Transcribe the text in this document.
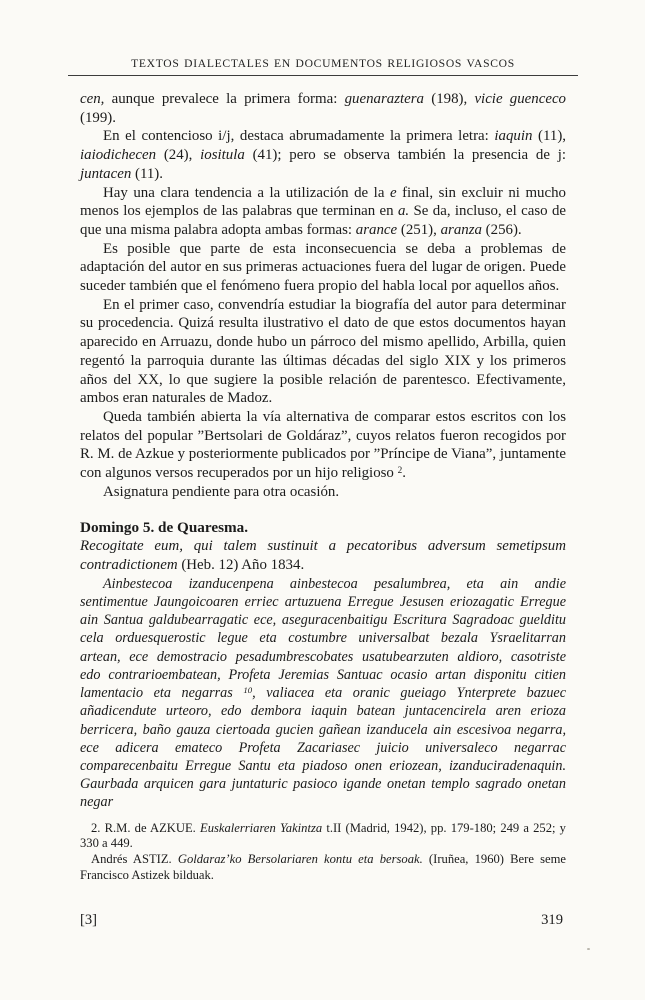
TEXTOS DIALECTALES EN DOCUMENTOS RELIGIOSOS VASCOS

cen, aunque prevalece la primera forma: guenaraztera (198), vicie guenceco (199).

En el contencioso i/j, destaca abrumadamente la primera letra: iaquin (11), iaiodichecen (24), iositula (41); pero se observa también la presencia de j: juntacen (11).

Hay una clara tendencia a la utilización de la e final, sin excluir ni mucho menos los ejemplos de las palabras que terminan en a. Se da, incluso, el caso de que una misma palabra adopta ambas formas: arance (251), aranza (256).

Es posible que parte de esta inconsecuencia se deba a problemas de adaptación del autor en sus primeras actuaciones fuera del lugar de origen. Puede suceder también que el fenómeno fuera propio del habla local por aquellos años.

En el primer caso, convendría estudiar la biografía del autor para determinar su procedencia. Quizá resulta ilustrativo el dato de que estos documentos hayan aparecido en Arruazu, donde hubo un párroco del mismo apellido, Arbilla, quien regentó la parroquia durante las últimas décadas del siglo XIX y los primeros años del XX, lo que sugiere la posible relación de parentesco. Efectivamente, ambos eran naturales de Madoz.

Queda también abierta la vía alternativa de comparar estos escritos con los relatos del popular ”Bertsolari de Goldáraz”, cuyos relatos fueron recogidos por R. M. de Azkue y posteriormente publicados por ”Príncipe de Viana”, juntamente con algunos versos recuperados por un hijo religioso $^2$.

Asignatura pendiente para otra ocasión.

Domingo 5. de Quaresma.

Recogitate eum, qui talem sustinuit a pecatoribus adversum semetipsum contradictionem (Heb. 12) Año 1834.

Ainbestecoa izanducenpena ainbestecoa pesalumbrea, eta ain andie sentimentue Jaungoicoaren erriec artuzuena Erregue Jesusen eriozagatic Erregue ain Santua galdubearragatic ece, aseguracenbaitigu Escritura Sagradoac guelditu cela orduesquerostic legue eta costumbre universalbat bezala Ysraelitarran artean, ece demostracio pesadumbrescobates usatubearzuten aldioro, casotriste edo contrarioembatean, Profeta Jeremias Santuac ocasio artan disponitu citien lamentacio eta negarras $^{10}$, valiacea eta oranic gueiago Ynterprete bazuec añadicendute urteoro, edo dembora iaquin batean juntacencirela aren erioza berricera, baño gauza ciertoada gucien gañean izanducela ain escesivoa negarra, ece adicera emateco Profeta Zacariasec juicio universaleco negarrac comparecenbaitu Erregue Santu eta piadoso onen eriozean, izanduciradenaquin. Gaurbada arquicen gara juntaturic pasioco igande onetan templo sagrado onetan negar

2. R.M. de AZKUE. Euskalerriaren Yakintza t.II (Madrid, 1942), pp. 179-180; 249 a 252; y 330 a 449.

Andrés ASTIZ. Goldaraz’ko Bersolariaren kontu eta bersoak. (Iruñea, 1960) Bere seme Francisco Astizek bilduak.

[3]	319
